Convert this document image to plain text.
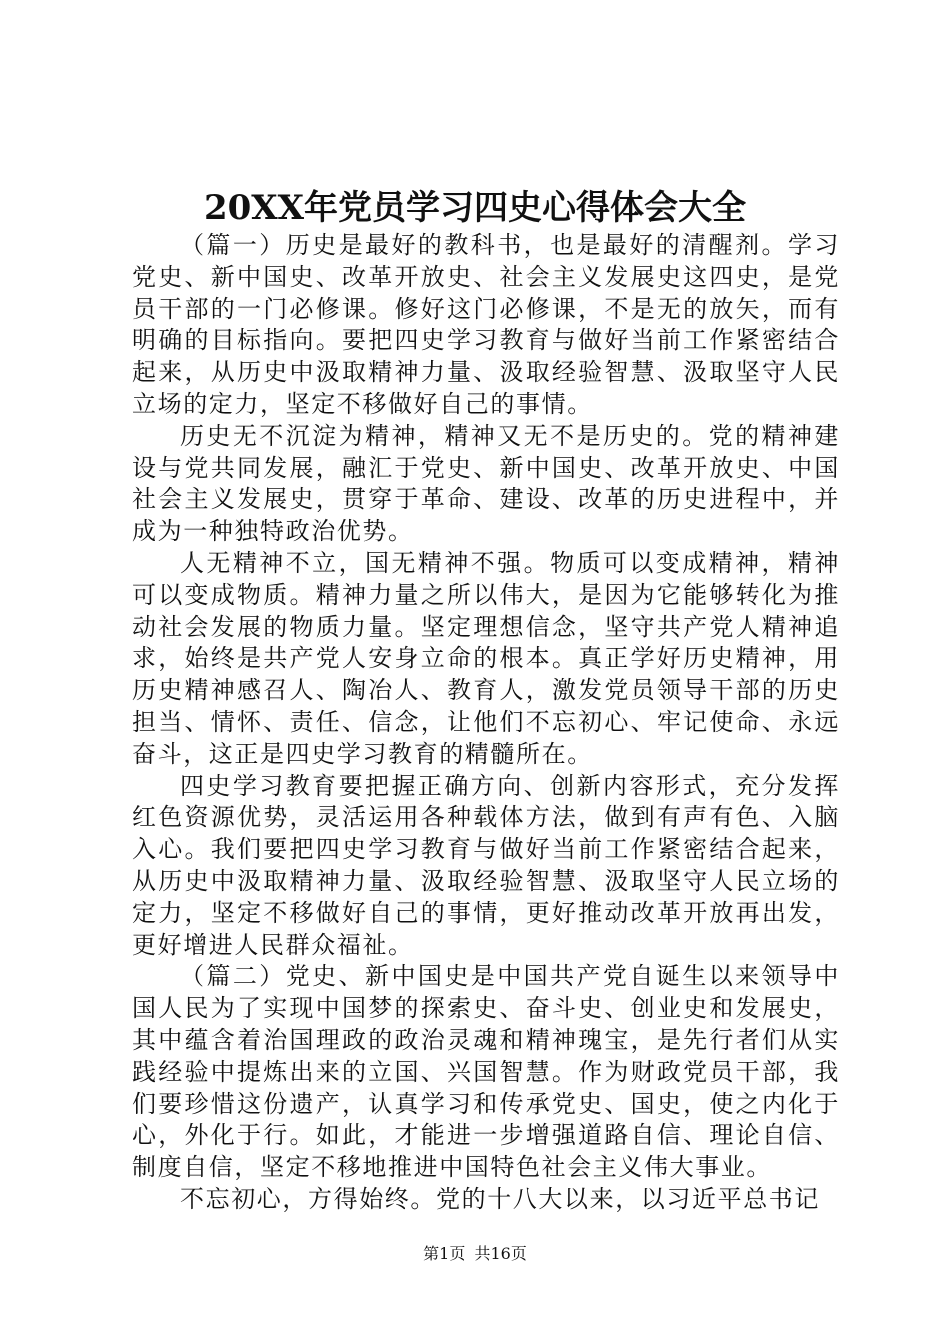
20XX年党员学习四史心得体会大全

（篇一）历史是最好的教科书，也是最好的清醒剂。学习党史、新中国史、改革开放史、社会主义发展史这四史，是党员干部的一门必修课。修好这门必修课，不是无的放矢，而有明确的目标指向。要把四史学习教育与做好当前工作紧密结合起来，从历史中汲取精神力量、汲取经验智慧、汲取坚守人民立场的定力，坚定不移做好自己的事情。

历史无不沉淀为精神，精神又无不是历史的。党的精神建设与党共同发展，融汇于党史、新中国史、改革开放史、中国社会主义发展史，贯穿于革命、建设、改革的历史进程中，并成为一种独特政治优势。

人无精神不立，国无精神不强。物质可以变成精神，精神可以变成物质。精神力量之所以伟大，是因为它能够转化为推动社会发展的物质力量。坚定理想信念，坚守共产党人精神追求，始终是共产党人安身立命的根本。真正学好历史精神，用历史精神感召人、陶冶人、教育人，激发党员领导干部的历史担当、情怀、责任、信念，让他们不忘初心、牢记使命、永远奋斗，这正是四史学习教育的精髓所在。

四史学习教育要把握正确方向、创新内容形式，充分发挥红色资源优势，灵活运用各种载体方法，做到有声有色、入脑入心。我们要把四史学习教育与做好当前工作紧密结合起来，从历史中汲取精神力量、汲取经验智慧、汲取坚守人民立场的定力，坚定不移做好自己的事情，更好推动改革开放再出发，更好增进人民群众福祉。

（篇二）党史、新中国史是中国共产党自诞生以来领导中国人民为了实现中国梦的探索史、奋斗史、创业史和发展史，其中蕴含着治国理政的政治灵魂和精神瑰宝，是先行者们从实践经验中提炼出来的立国、兴国智慧。作为财政党员干部，我们要珍惜这份遗产，认真学习和传承党史、国史，使之内化于心，外化于行。如此，才能进一步增强道路自信、理论自信、制度自信，坚定不移地推进中国特色社会主义伟大事业。

不忘初心，方得始终。党的十八大以来，以习近平总书记

第1页 共16页
